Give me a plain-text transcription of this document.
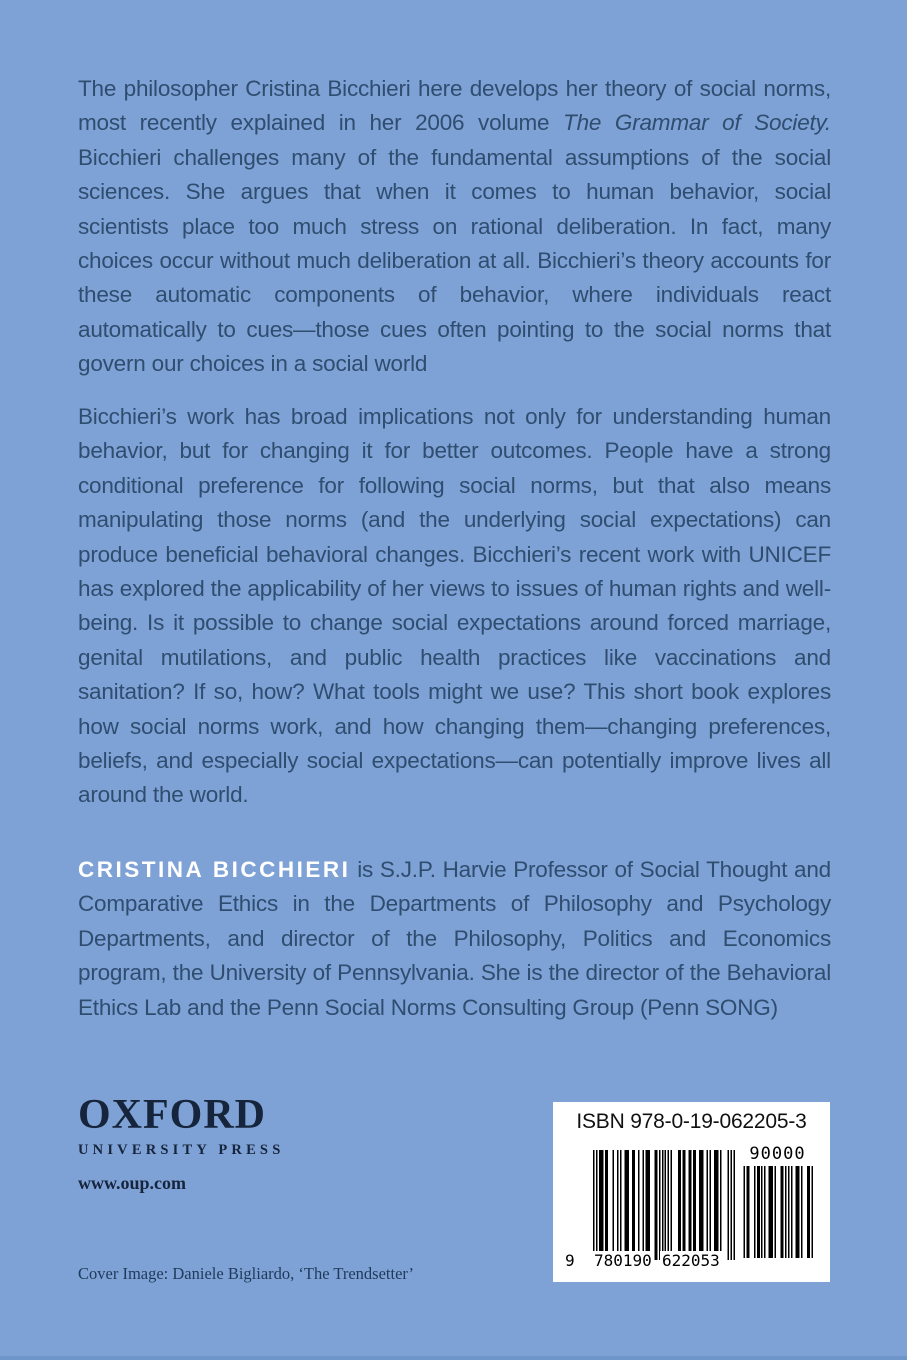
The philosopher Cristina Bicchieri here develops her theory of social norms, most recently explained in her 2006 volume The Grammar of Society. Bicchieri challenges many of the fundamental assumptions of the social sciences. She argues that when it comes to human behavior, social scientists place too much stress on rational deliberation. In fact, many choices occur without much deliberation at all. Bicchieri’s theory accounts for these automatic components of behavior, where individuals react automatically to cues—those cues often pointing to the social norms that govern our choices in a social world

Bicchieri’s work has broad implications not only for understanding human behavior, but for changing it for better outcomes. People have a strong conditional preference for following social norms, but that also means manipulating those norms (and the underlying social expectations) can produce beneficial behavioral changes. Bicchieri’s recent work with UNICEF has explored the applicability of her views to issues of human rights and well-being. Is it possible to change social expectations around forced marriage, genital mutilations, and public health practices like vaccinations and sanitation? If so, how? What tools might we use? This short book explores how social norms work, and how changing them—changing preferences, beliefs, and especially social expectations—can potentially improve lives all around the world.

CRISTINA BICCHIERI is S.J.P. Harvie Professor of Social Thought and Comparative Ethics in the Departments of Philosophy and Psychology Departments, and director of the Philosophy, Politics and Economics program, the University of Pennsylvania. She is the director of the Behavioral Ethics Lab and the Penn Social Norms Consulting Group (Penn SONG)

OXFORD
UNIVERSITY PRESS
www.oup.com
Cover Image: Daniele Bigliardo, ‘The Trendsetter’
ISBN 978-0-19-062205-3
90000
9 780190 622053
